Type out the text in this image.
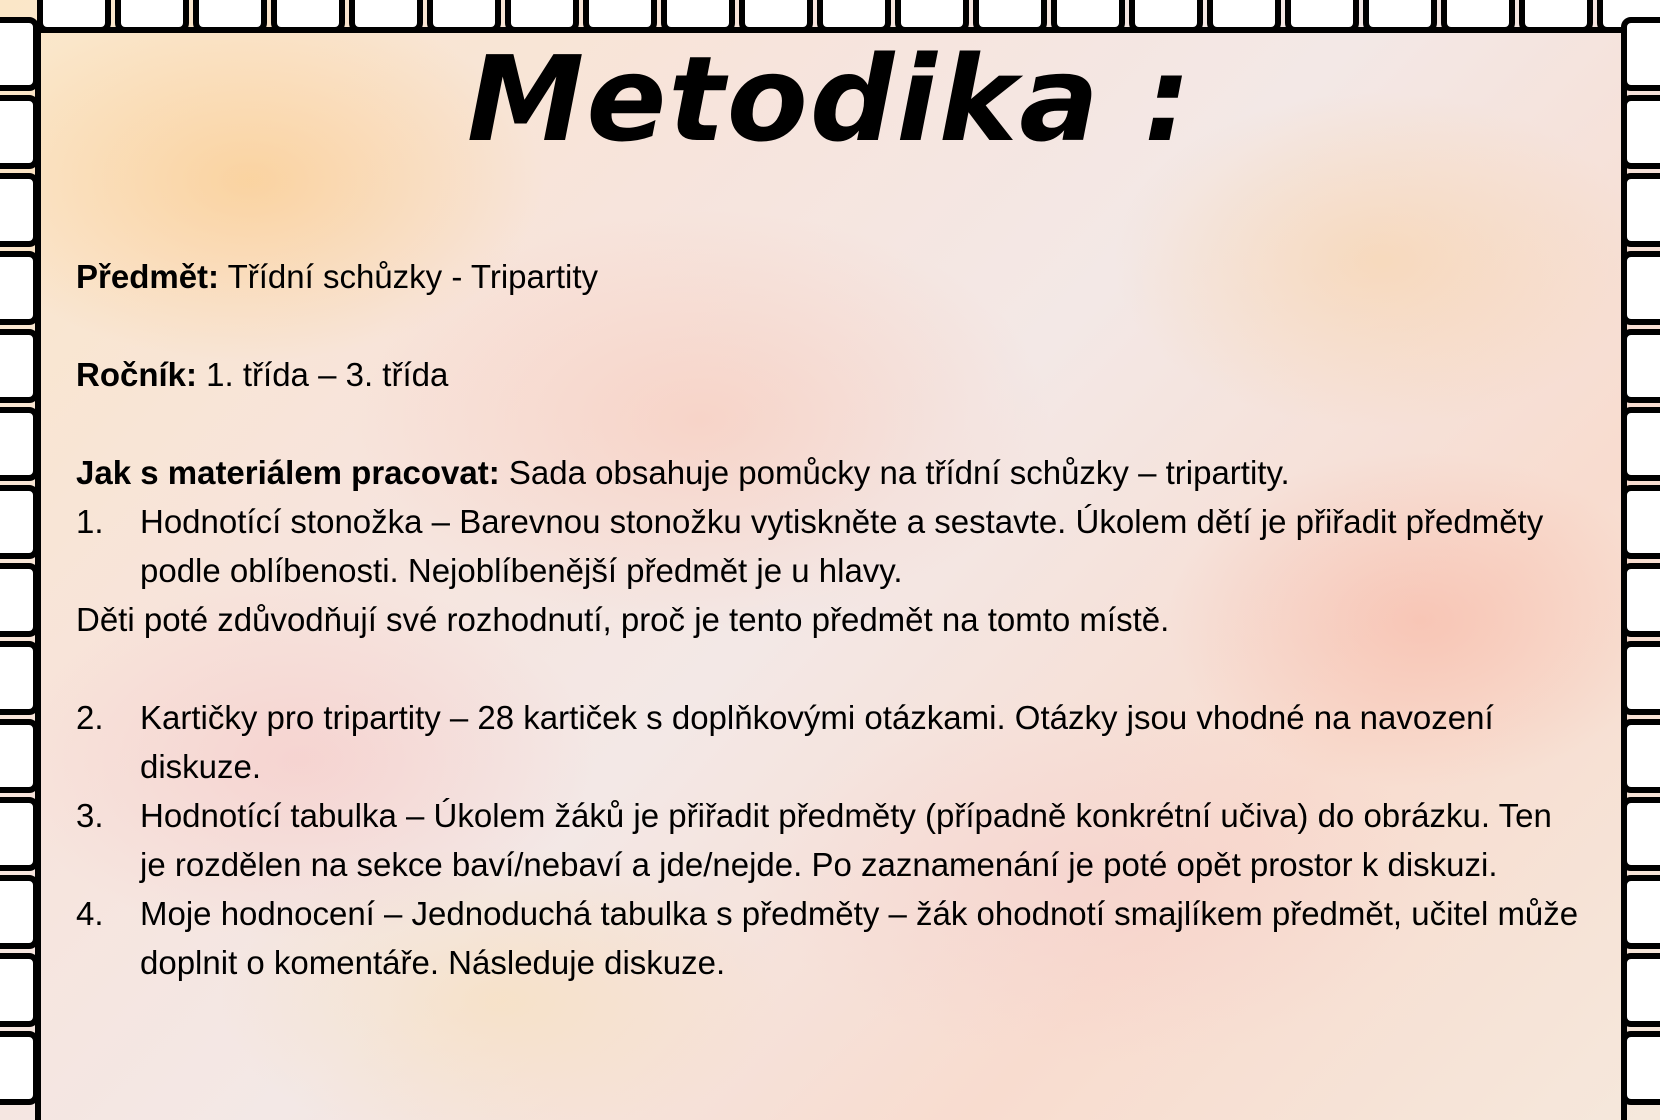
Metodika :

Předmět: Třídní schůzky - Tripartity

Ročník: 1. třída – 3. třída

Jak s materiálem pracovat: Sada obsahuje pomůcky na třídní schůzky – tripartity.

1.	Hodnotící stonožka – Barevnou stonožku vytiskněte a sestavte. Úkolem dětí je přiřadit předměty podle oblíbenosti. Nejoblíbenější předmět je u hlavy.

Děti poté zdůvodňují své rozhodnutí, proč je tento předmět na tomto místě.

2.	Kartičky pro tripartity – 28 kartiček s doplňkovými otázkami. Otázky jsou vhodné na navození diskuze.
3.	Hodnotící tabulka – Úkolem žáků je přiřadit předměty (případně konkrétní učiva) do obrázku. Ten je rozdělen na sekce baví/nebaví a jde/nejde. Po zaznamenání je poté opět prostor k diskuzi.
4.	Moje hodnocení – Jednoduchá tabulka s předměty – žák ohodnotí smajlíkem předmět, učitel může doplnit o komentáře. Následuje diskuze.
